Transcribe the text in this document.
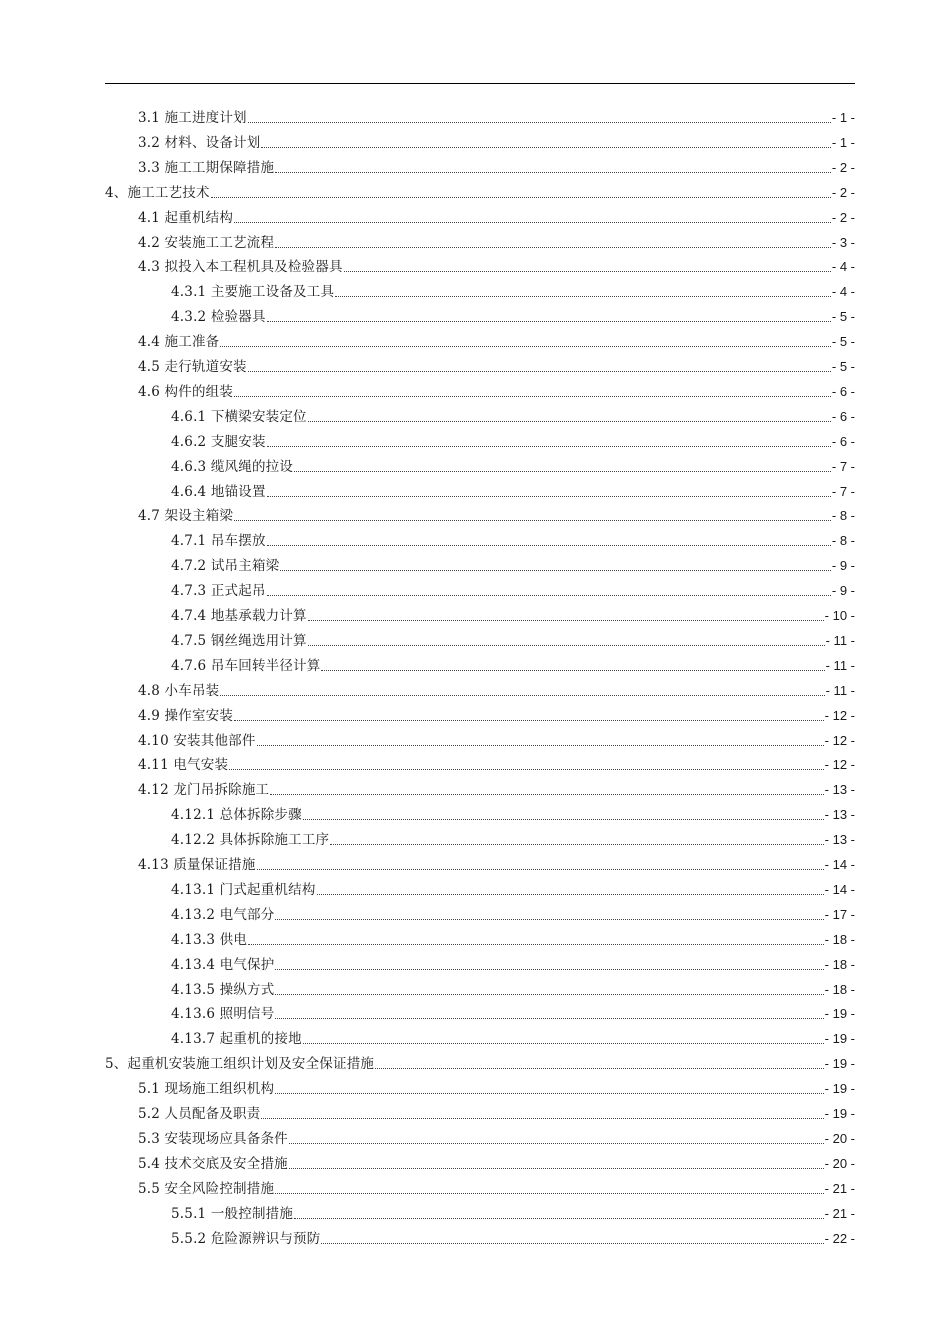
3.1 施工进度计划	- 1 -
3.2 材料、设备计划	- 1 -
3.3 施工工期保障措施	- 2 -
4、施工工艺技术	- 2 -
4.1 起重机结构	- 2 -
4.2 安装施工工艺流程	- 3 -
4.3 拟投入本工程机具及检验器具	- 4 -
4.3.1 主要施工设备及工具	- 4 -
4.3.2 检验器具	- 5 -
4.4 施工准备	- 5 -
4.5 走行轨道安装	- 5 -
4.6 构件的组装	- 6 -
4.6.1 下横梁安装定位	- 6 -
4.6.2 支腿安装	- 6 -
4.6.3 缆风绳的拉设	- 7 -
4.6.4 地锚设置	- 7 -
4.7 架设主箱梁	- 8 -
4.7.1 吊车摆放	- 8 -
4.7.2 试吊主箱梁	- 9 -
4.7.3 正式起吊	- 9 -
4.7.4 地基承载力计算	- 10 -
4.7.5 钢丝绳选用计算	- 11 -
4.7.6 吊车回转半径计算	- 11 -
4.8 小车吊装	- 11 -
4.9 操作室安装	- 12 -
4.10 安装其他部件	- 12 -
4.11 电气安装	- 12 -
4.12 龙门吊拆除施工	- 13 -
4.12.1 总体拆除步骤	- 13 -
4.12.2 具体拆除施工工序	- 13 -
4.13 质量保证措施	- 14 -
4.13.1 门式起重机结构	- 14 -
4.13.2 电气部分	- 17 -
4.13.3 供电	- 18 -
4.13.4 电气保护	- 18 -
4.13.5 操纵方式	- 18 -
4.13.6 照明信号	- 19 -
4.13.7 起重机的接地	- 19 -
5、起重机安装施工组织计划及安全保证措施	- 19 -
5.1 现场施工组织机构	- 19 -
5.2 人员配备及职责	- 19 -
5.3 安装现场应具备条件	- 20 -
5.4 技术交底及安全措施	- 20 -
5.5 安全风险控制措施	- 21 -
5.5.1 一般控制措施	- 21 -
5.5.2 危险源辨识与预防	- 22 -
